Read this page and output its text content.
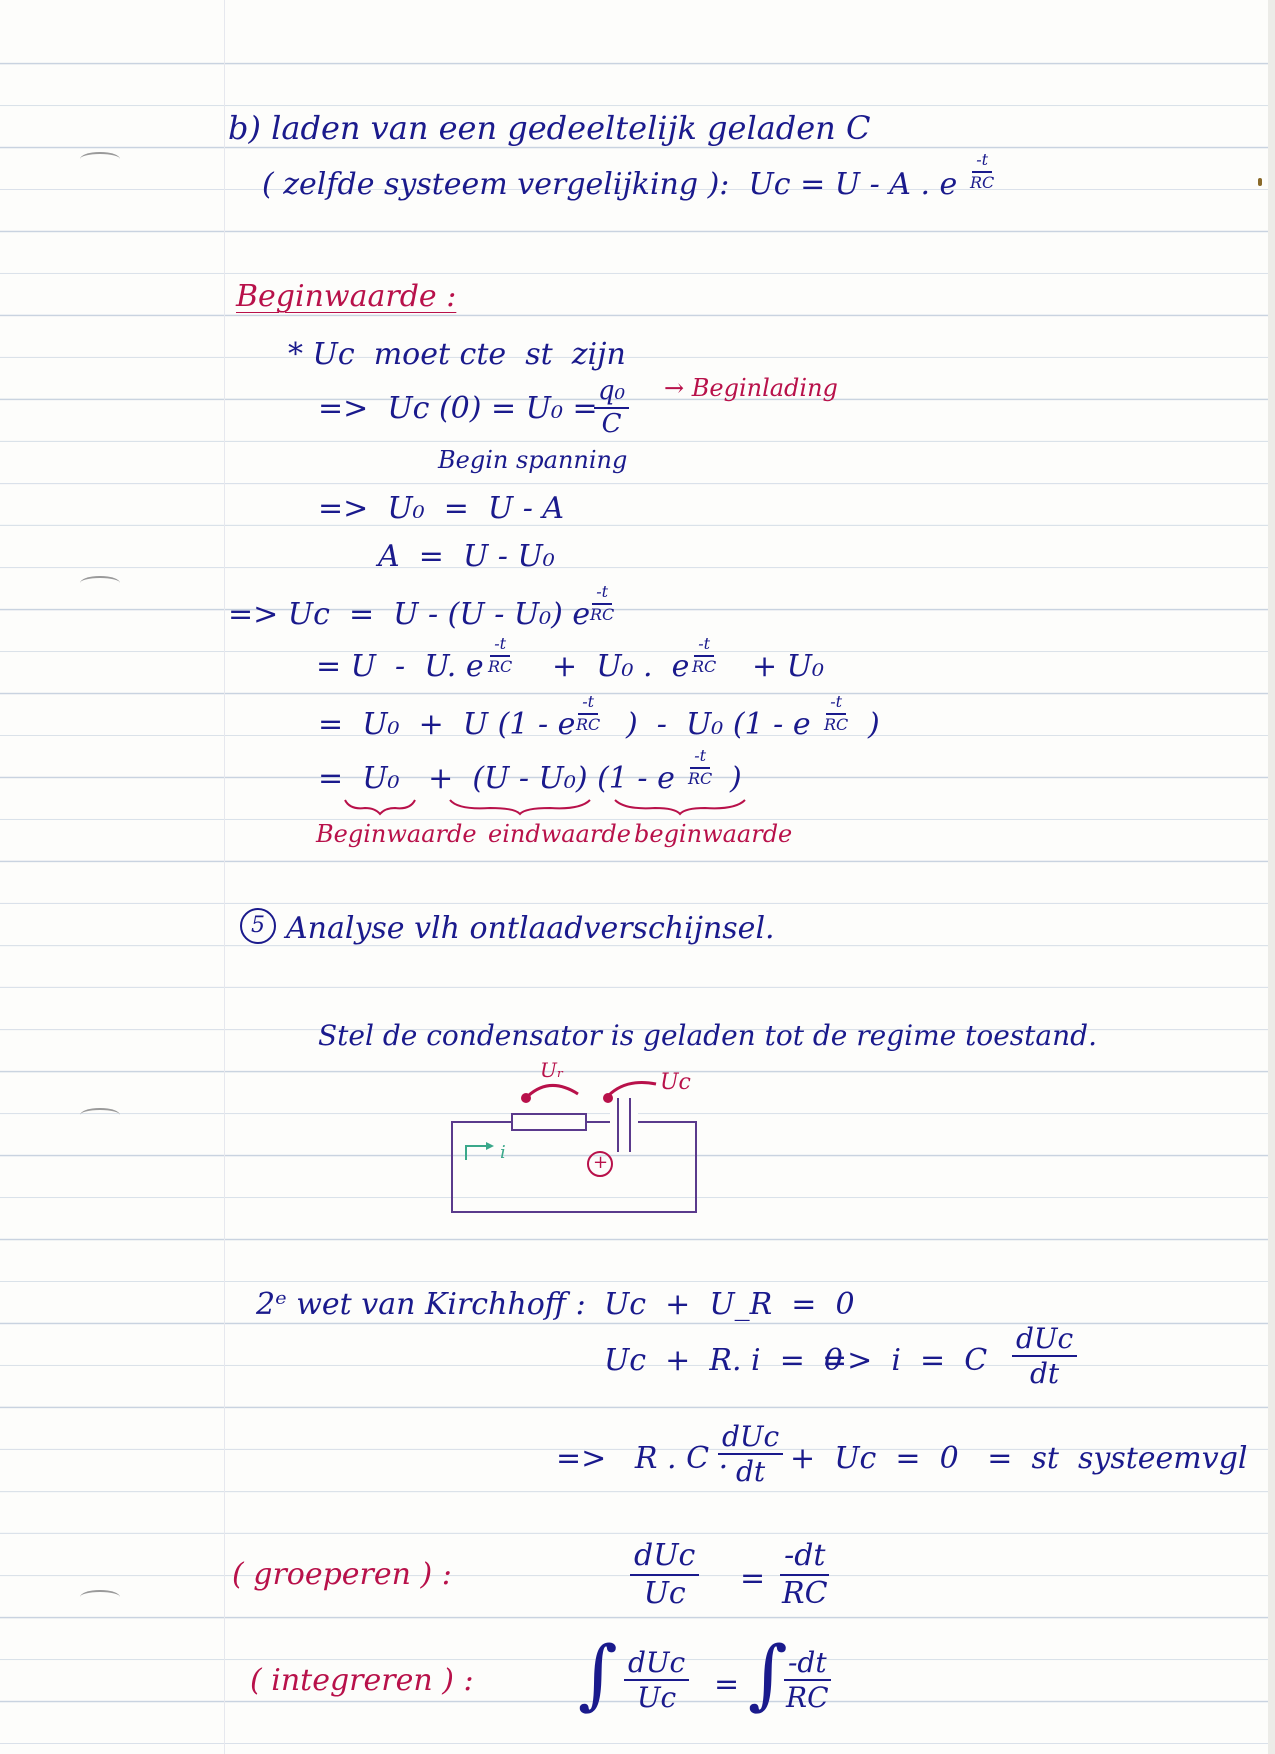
b) laden van een gedeeltelijk geladen C
( zelfde systeem vergelijking ):  Uc = U - A . e $\frac{-t}{RC}$
Beginwaarde :
* Uc  moet cte  st  zijn
=>  Uc (0) = U₀ =
$\frac{\text{q₀}}{C}$ → Beginlading
Begin spanning
=>  U₀  =  U - A
A  =  U - U₀
=> Uc  =  U - (U - U₀) e
$\frac{-t}{RC}$
= U  -  U. e $\frac{-t}{RC} + U_0$ .  e
$\frac{-t}{RC} + U_0$
=  U₀  +  U (1 - e
$\frac{-t}{RC}$ )  -  U₀ (1 - e $\frac{-t}{RC}$ )
=  U₀   +  (U - U₀) (1 - e $\frac{-t}{RC}$ )
Beginwaarde eindwaarde beginwaarde
5 Analyse vlh ontlaadverschijnsel.
Stel de condensator is geladen tot de regime toestand.
Uᵣ	Uc
i	+
2ᵉ wet van Kirchhoff : Uc  +  U_R  =  0
Uc  +  R. i  =  0
=>  i  =  C
dUc
dt
=>   R . C .
dUc
dt +  Uc  =  0   =  st  systeemvgl
( groeperen ) :
dUc
$Uc = \frac{-dt}{RC}$
( integreren ) : ∫ dUc
Uc = ∫
$\frac{-dt}{RC}$
